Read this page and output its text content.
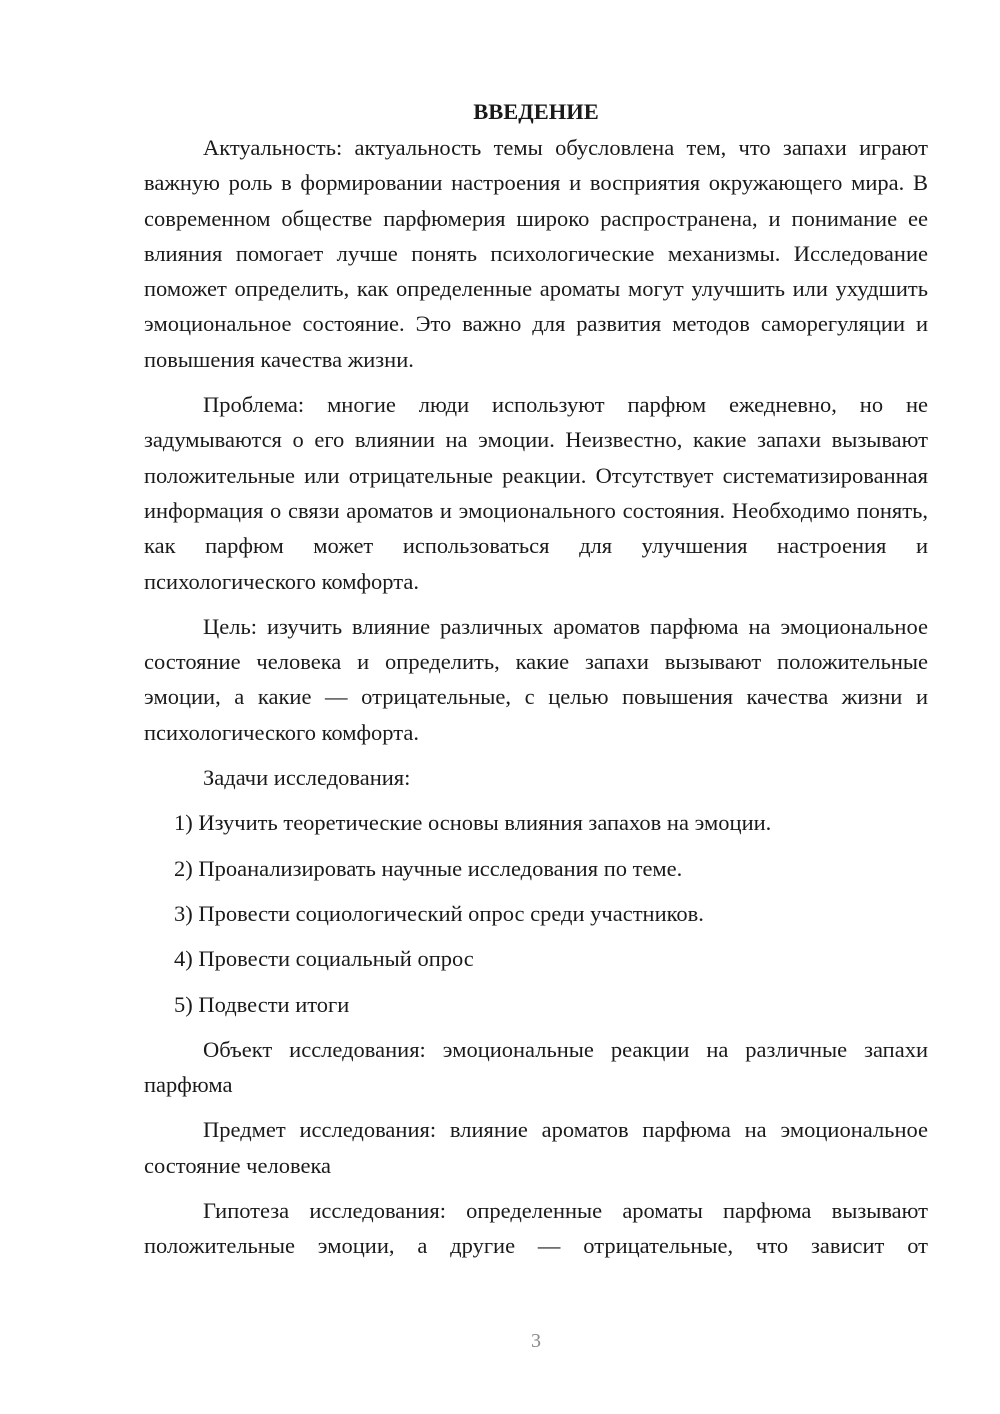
ВВЕДЕНИЕ

Актуальность: актуальность темы обусловлена тем, что запахи играют важную роль в формировании настроения и восприятия окружающего мира. В современном обществе парфюмерия широко распространена, и понимание ее влияния помогает лучше понять психологические механизмы. Исследование поможет определить, как определенные ароматы могут улучшить или ухудшить эмоциональное состояние. Это важно для развития методов саморегуляции и повышения качества жизни.

Проблема: многие люди используют парфюм ежедневно, но не задумываются о его влиянии на эмоции. Неизвестно, какие запахи вызывают положительные или отрицательные реакции. Отсутствует систематизированная информация о связи ароматов и эмоционального состояния. Необходимо понять, как парфюм может использоваться для улучшения настроения и психологического комфорта.

Цель: изучить влияние различных ароматов парфюма на эмоциональное состояние человека и определить, какие запахи вызывают положительные эмоции, а какие — отрицательные, с целью повышения качества жизни и психологического комфорта.

Задачи исследования:

1) Изучить теоретические основы влияния запахов на эмоции.

2) Проанализировать научные исследования по теме.

3) Провести социологический опрос среди участников.

4) Провести социальный опрос

5) Подвести итоги

Объект исследования: эмоциональные реакции на различные запахи парфюма

Предмет исследования: влияние ароматов парфюма на эмоциональное состояние человека

Гипотеза исследования: определенные ароматы парфюма вызывают положительные эмоции, а другие — отрицательные, что зависит от

3
